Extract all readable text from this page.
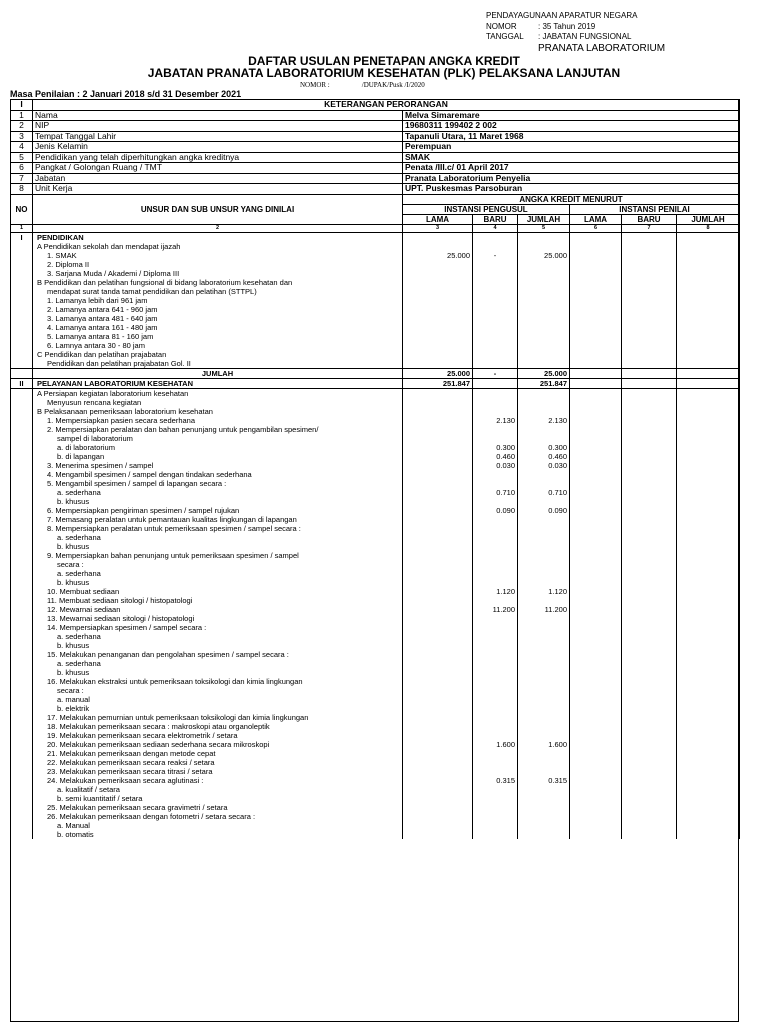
PENDAYAGUNAAN APARATUR NEGARA
NOMOR	: 35 Tahun 2019
TANGGAL	: JABATAN FUNGSIONAL
PRANATA LABORATORIUM
DAFTAR USULAN PENETAPAN ANGKA KREDIT
JABATAN PRANATA LABORATORIUM KESEHATAN (PLK) PELAKSANA LANJUTAN
NOMOR :	/DUPAK/Pusk /I/2020
Masa Penilaian : 2 Januari 2018 s/d 31 Desember 2021
I	KETERANGAN PERORANGAN						
1	Nama	Melva Simaremare					
2	NIP	19680311 199402 2 002					
3	Tempat Tanggal Lahir	Tapanuli Utara, 11 Maret 1968					
4	Jenis Kelamin	Perempuan					
5	Pendidikan yang telah diperhitungkan angka kreditnya	SMAK					
6	Pangkat / Golongan Ruang / TMT	Penata /III.c/ 01 April 2017					
7	Jabatan	Pranata Laboratorium Penyelia					
8	Unit Kerja	UPT. Puskesmas Parsoburan					
NO	UNSUR DAN SUB UNSUR YANG DINILAI	ANGKA KREDIT MENURUT					
		INSTANSI PENGUSUL			INSTANSI PENILAI		
		LAMA	BARU	JUMLAH	LAMA	BARU	JUMLAH
1	2	3	4	5	6	7	8
I	PENDIDIKAN						
	A Pendidikan sekolah dan mendapat ijazah						
	1. SMAK	25.000	-	25.000			
	2. Diploma II						
	3. Sarjana Muda / Akademi / Diploma III						
	B Pendidikan dan pelatihan fungsional di bidang laboratorium kesehatan dan						
	mendapat surat tanda tamat pendidikan dan pelatihan (STTPL)						
	1. Lamanya lebih dari 961 jam						
	2. Lamanya antara 641 - 960 jam						
	3. Lamanya antara 481 - 640 jam						
	4. Lamanya antara 161 - 480 jam						
	5. Lamanya antara 81 - 160 jam						
	6. Lamnya antara 30 - 80 jam						
	C Pendidikan dan pelatihan prajabatan						
	Pendidikan dan pelatihan prajabatan Gol. II						
	JUMLAH	25.000	-	25.000			
II	PELAYANAN LABORATORIUM KESEHATAN	251.847		251.847			
	A Persiapan kegiatan laboratorium kesehatan						
	Menyusun rencana kegiatan						
	B Pelaksanaan pemeriksaan laboratorium kesehatan						
	1. Mempersiapkan pasien secara sederhana		2.130	2.130			
	2. Mempersiapkan peralatan dan bahan penunjang untuk pengambilan spesimen/						
	sampel di laboratorium						
	a. di laboratorium		0.300	0.300			
	b. di lapangan		0.460	0.460			
	3. Menerima spesimen / sampel		0.030	0.030			
	4. Mengambil spesimen / sampel dengan tindakan sederhana						
	5. Mengambil spesimen / sampel di lapangan secara :						
	a. sederhana		0.710	0.710			
	b. khusus						
	6. Mempersiapkan pengiriman spesimen / sampel rujukan		0.090	0.090			
	7. Memasang peralatan untuk pemantauan kualitas lingkungan di lapangan						
	8. Mempersiapkan peralatan untuk pemeriksaan spesimen / sampel secara :						
	a. sederhana						
	b. khusus						
	9. Mempersiapkan bahan penunjang untuk pemeriksaan spesimen / sampel						
	secara :						
	a. sederhana						
	b. khusus						
	10. Membuat sediaan		1.120	1.120			
	11. Membuat sediaan sitologi / histopatologi						
	12. Mewarnai sediaan		11.200	11.200			
	13. Mewarnai sediaan sitologi / histopatologi						
	14. Mempersiapkan spesimen / sampel secara :						
	a. sederhana						
	b. khusus						
	15. Melakukan penanganan dan pengolahan spesimen / sampel secara :						
	a. sederhana						
	b. khusus						
	16. Melakukan ekstraksi untuk pemeriksaan toksikologi dan kimia lingkungan						
	secara :						
	a. manual						
	b. elektrik						
	17. Melakukan pemurnian untuk pemeriksaan toksikologi dan kimia lingkungan						
	18. Melakukan pemeriksaan secara : makroskopi atau organoleptik						
	19. Melakukan pemeriksaan secara elektrometrik / setara						
	20. Melakukan pemeriksaan sediaan sederhana secara mikroskopi		1.600	1.600			
	21. Melakukan pemeriksaan dengan metode cepat						
	22. Melakukan pemeriksaan secara reaksi / setara						
	23. Melakukan pemeriksaan secara titrasi / setara						
	24. Melakukan pemeriksaan secara aglutinasi :		0.315	0.315			
	a. kualitatif / setara						
	b. semi kuantitatif / setara						
	25. Melakukan pemeriksaan secara gravimetri / setara						
	26. Melakukan pemeriksaan dengan fotometri / setara secara :						
	a. Manual						
	b. otomatis						
